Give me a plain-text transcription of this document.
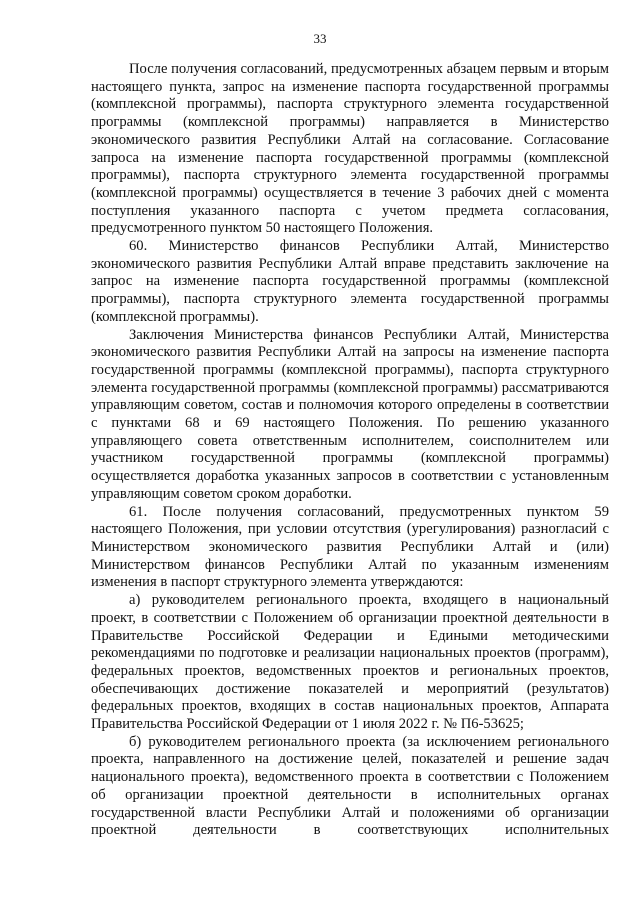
33

После получения согласований, предусмотренных абзацем первым и вторым настоящего пункта, запрос на изменение паспорта государственной программы (комплексной программы), паспорта структурного элемента государственной программы (комплексной программы) направляется в Министерство экономического развития Республики Алтай на согласование. Согласование запроса на изменение паспорта государственной программы (комплексной программы), паспорта структурного элемента государственной программы (комплексной программы) осуществляется в течение 3 рабочих дней с момента поступления указанного паспорта с учетом предмета согласования, предусмотренного пунктом 50 настоящего Положения.

60. Министерство финансов Республики Алтай, Министерство экономического развития Республики Алтай вправе представить заключение на запрос на изменение паспорта государственной программы (комплексной программы), паспорта структурного элемента государственной программы (комплексной программы).

Заключения Министерства финансов Республики Алтай, Министерства экономического развития Республики Алтай на запросы на изменение паспорта государственной программы (комплексной программы), паспорта структурного элемента государственной программы (комплексной программы) рассматриваются управляющим советом, состав и полномочия которого определены в соответствии с пунктами 68 и 69 настоящего Положения. По решению указанного управляющего совета ответственным исполнителем, соисполнителем или участником государственной программы (комплексной программы) осуществляется доработка указанных запросов в соответствии с установленным управляющим советом сроком доработки.

61. После получения согласований, предусмотренных пунктом 59 настоящего Положения, при условии отсутствия (урегулирования) разногласий с Министерством экономического развития Республики Алтай и (или) Министерством финансов Республики Алтай по указанным изменениям изменения в паспорт структурного элемента утверждаются:

а) руководителем регионального проекта, входящего в национальный проект, в соответствии с Положением об организации проектной деятельности в Правительстве Российской Федерации и Едиными методическими рекомендациями по подготовке и реализации национальных проектов (программ), федеральных проектов, ведомственных проектов и региональных проектов, обеспечивающих достижение показателей и мероприятий (результатов) федеральных проектов, входящих в состав национальных проектов, Аппарата Правительства Российской Федерации от 1 июля 2022 г. № П6-53625;

б) руководителем регионального проекта (за исключением регионального проекта, направленного на достижение целей, показателей и решение задач национального проекта), ведомственного проекта в соответствии с Положением об организации проектной деятельности в исполнительных органах государственной власти Республики Алтай и положениями об организации проектной деятельности в соответствующих исполнительных
